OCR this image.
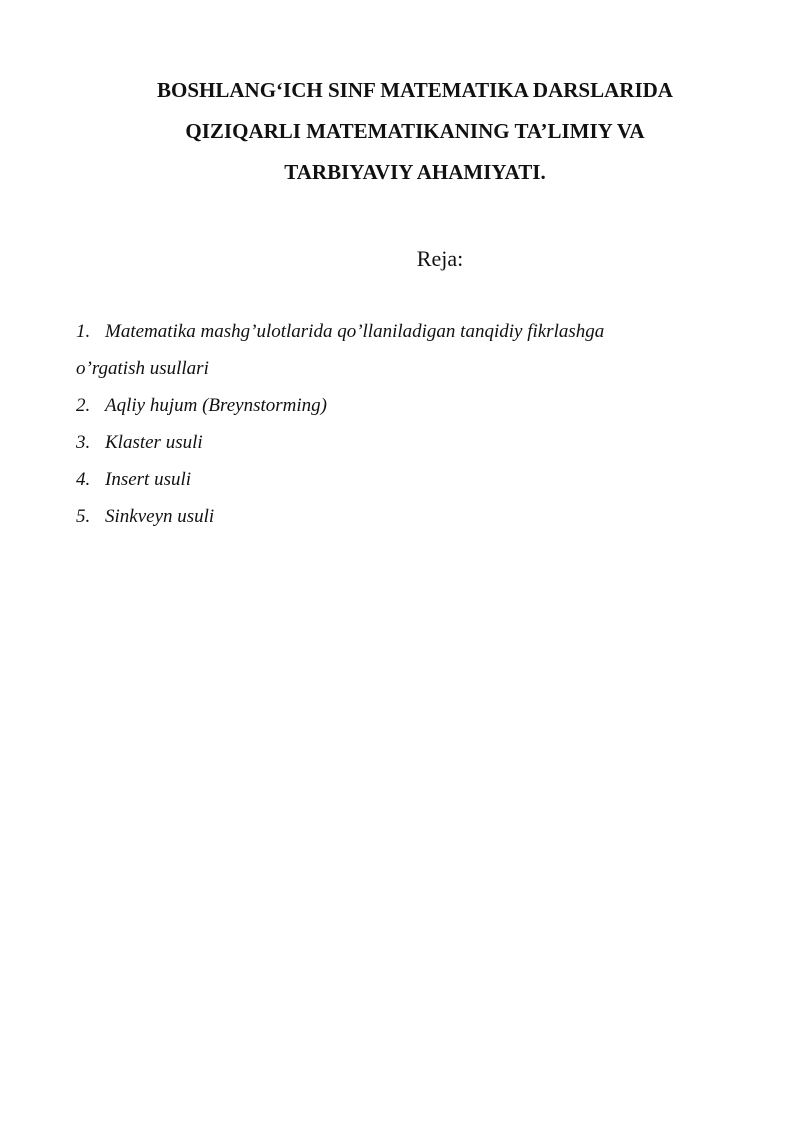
BOSHLANG‘ICH SINF MATEMATIKA DARSLARIDA
QIZIQARLI MATEMATIKANING TA’LIMIY VA
TARBIYAVIY AHAMIYATI.
Reja:
1. Matematika mashg’ulotlarida qo’llaniladigan tanqidiy fikrlashga
o’rgatish usullari
2. Aqliy hujum (Breynstorming)
3. Klaster usuli
4. Insert usuli
5. Sinkveyn usuli
